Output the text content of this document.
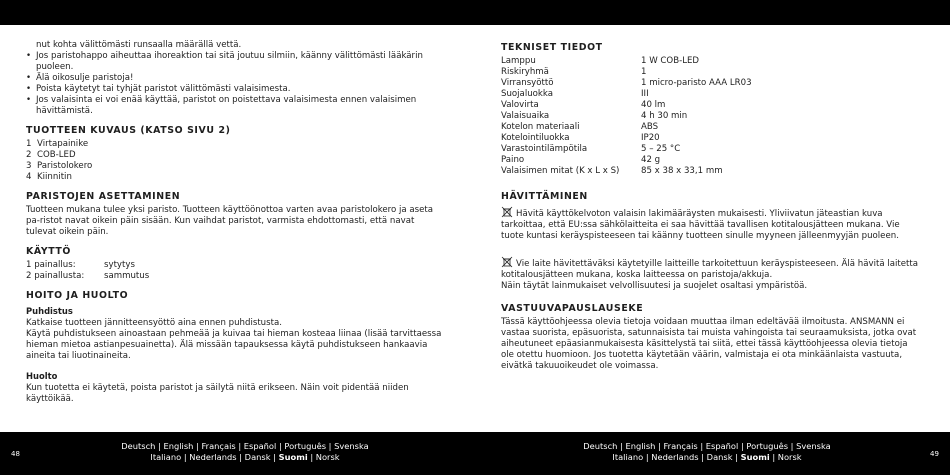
nut kohta välittömästi runsaalla määrällä vettä.
• Jos paristohappo aiheuttaa ihoreaktion tai sitä joutuu silmiin, käänny välittömästi lääkärin puoleen.
• Älä oikosulje paristoja!
• Poista käytetyt tai tyhjät paristot välittömästi valaisimesta.
• Jos valaisinta ei voi enää käyttää, paristot on poistettava valaisimesta ennen valaisimen hävittämistä.
TUOTTEEN KUVAUS (KATSO SIVU 2)
1 Virtapainike
2 COB-LED
3 Paristolokero
4 Kiinnitin
PARISTOJEN ASETTAMINEN

Tuotteen mukana tulee yksi paristo. Tuotteen käyttöönottoa varten avaa paristolokero ja aseta pa-ristot navat oikein päin sisään. Kun vaihdat paristot, varmista ehdottomasti, että navat tulevat oikein päin.

KÄYTTÖ
1 painallus:	sytytys
2 painallusta:	sammutus
HOITO JA HUOLTO
Puhdistus

Katkaise tuotteen jännitteensyöttö aina ennen puhdistusta.

Käytä puhdistukseen ainoastaan pehmeää ja kuivaa tai hieman kosteaa liinaa (lisää tarvittaessa hieman mietoa astianpesuainetta). Älä missään tapauksessa käytä puhdistukseen hankaavia aineita tai liuotinaineita.

Huolto

Kun tuotetta ei käytetä, poista paristot ja säilytä niitä erikseen. Näin voit pidentää niiden käyttöikää.

TEKNISET TIEDOT
Lamppu	1 W COB-LED
Riskiryhmä	1
Virransyöttö	1 micro-paristo AAA LR03
Suojaluokka	III
Valovirta	40 lm
Valaisuaika	4 h 30 min
Kotelon materiaali	ABS
Kotelointiluokka	IP20
Varastointilämpötila	5 – 25 °C
Paino	42 g
Valaisimen mitat (K x L x S)	85 x 38 x 33,1 mm
HÄVITTÄMINEN

Hävitä käyttökelvoton valaisin lakimääräysten mukaisesti. Yliviivatun jäteastian kuva tarkoittaa, että EU:ssa sähkölaitteita ei saa hävittää tavallisen kotitalousjätteen mukana. Vie tuote kuntasi keräyspisteeseen tai käänny tuotteen sinulle myyneen jälleenmyyjän puoleen.

Vie laite hävitettäväksi käytetyille laitteille tarkoitettuun keräyspisteeseen. Älä hävitä laitetta kotitalousjätteen mukana, koska laitteessa on paristoja/akkuja.

Näin täytät lainmukaiset velvollisuutesi ja suojelet osaltasi ympäristöä.

VASTUUVAPAUSLAUSEKE

Tässä käyttöohjeessa olevia tietoja voidaan muuttaa ilman edeltävää ilmoitusta. ANSMANN ei vastaa suorista, epäsuorista, satunnaisista tai muista vahingoista tai seuraamuksista, jotka ovat aiheutuneet epäasianmukaisesta käsittelystä tai siitä, ettei tässä käyttöohjeessa olevia tietoja ole otettu huomioon. Jos tuotetta käytetään väärin, valmistaja ei ota minkäänlaista vastuuta, eivätkä takuuoikeudet ole voimassa.

48	49
Deutsch | English | Français | Español | Português | Svenska
Italiano | Nederlands | Dansk | Suomi | Norsk
Deutsch | English | Français | Español | Português | Svenska
Italiano | Nederlands | Dansk | Suomi | Norsk
